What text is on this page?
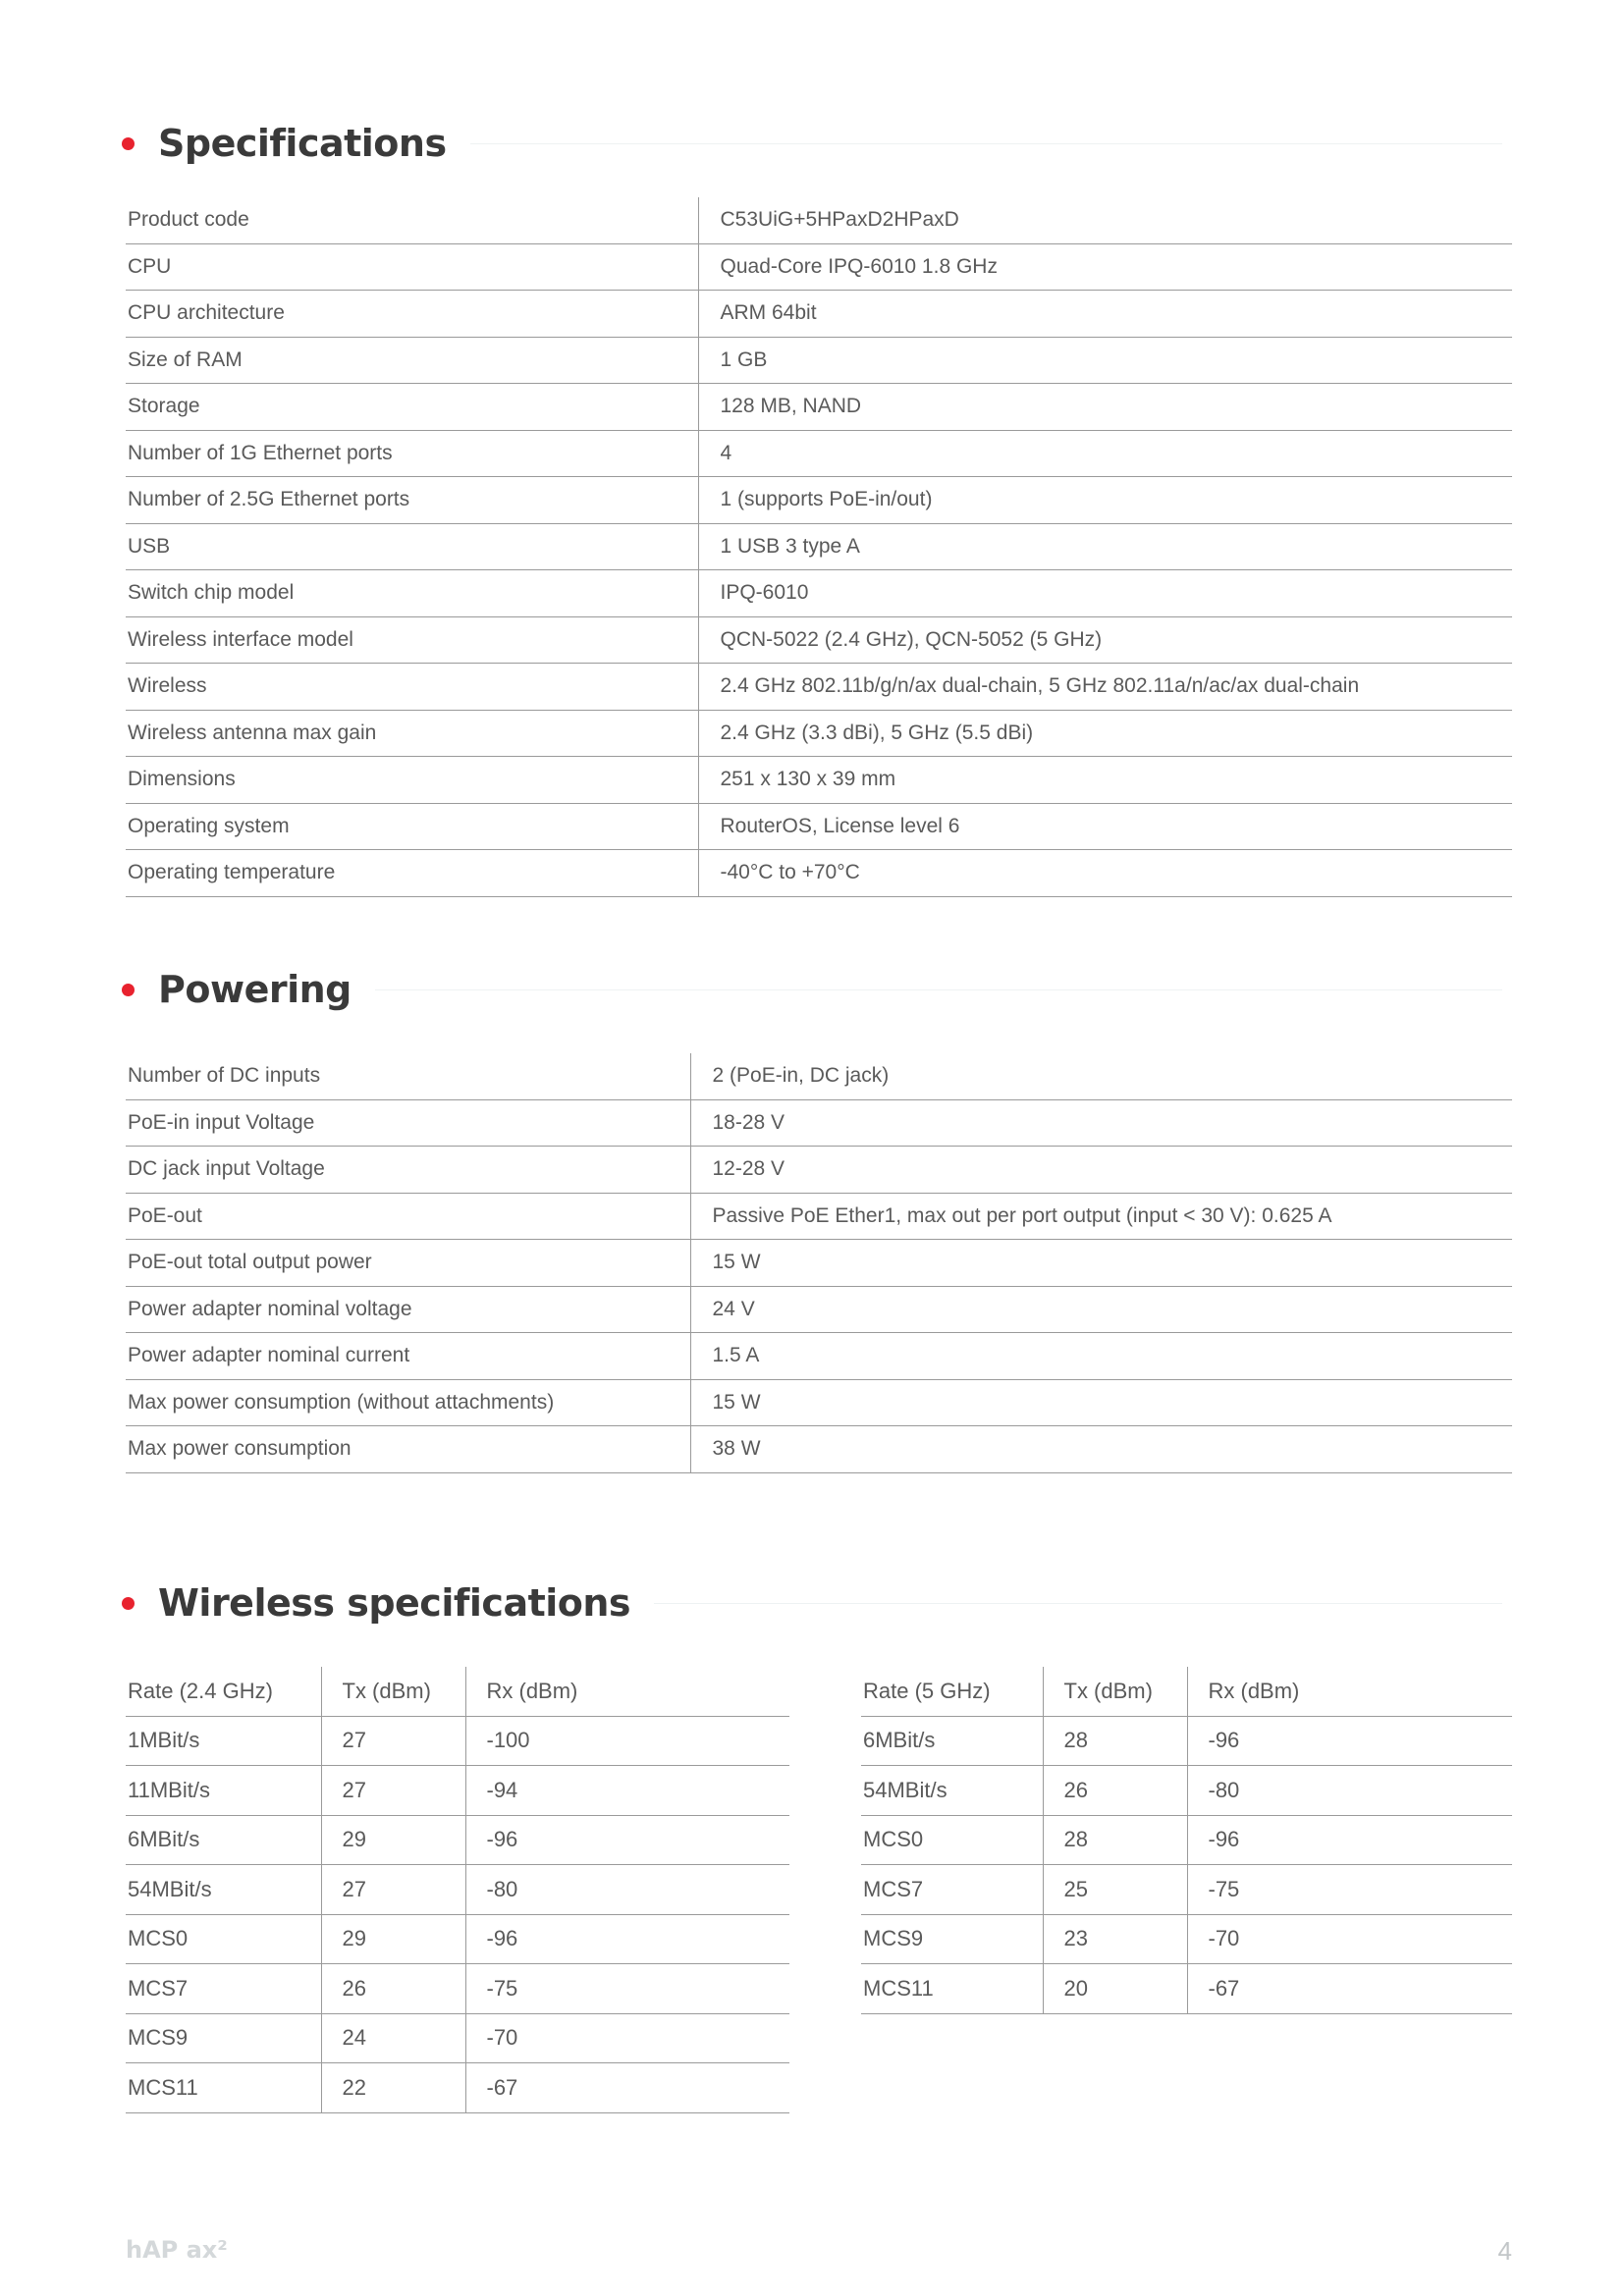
Specifications
Product code	C53UiG+5HPaxD2HPaxD
CPU	Quad-Core IPQ-6010 1.8 GHz
CPU architecture	ARM 64bit
Size of RAM	1 GB
Storage	128 MB, NAND
Number of 1G Ethernet ports	4
Number of 2.5G Ethernet ports	1 (supports PoE-in/out)
USB	1 USB 3 type A
Switch chip model	IPQ-6010
Wireless interface model	QCN-5022 (2.4 GHz), QCN-5052 (5 GHz)
Wireless	2.4 GHz 802.11b/g/n/ax dual-chain, 5 GHz 802.11a/n/ac/ax dual-chain
Wireless antenna max gain	2.4 GHz (3.3 dBi), 5 GHz (5.5 dBi)
Dimensions	251 x 130 x 39 mm
Operating system	RouterOS, License level 6
Operating temperature	-40°C to +70°C
Powering
Number of DC inputs	2 (PoE-in, DC jack)
PoE-in input Voltage	18-28 V
DC jack input Voltage	12-28 V
PoE-out	Passive PoE Ether1, max out per port output (input < 30 V): 0.625 A
PoE-out total output power	15 W
Power adapter nominal voltage	24 V
Power adapter nominal current	1.5 A
Max power consumption (without attachments)	15 W
Max power consumption	38 W
Wireless specifications
Rate (2.4 GHz)	Tx (dBm)	Rx (dBm)
1MBit/s	27	-100
11MBit/s	27	-94
6MBit/s	29	-96
54MBit/s	27	-80
MCS0	29	-96
MCS7	26	-75
MCS9	24	-70
MCS11	22	-67
Rate (5 GHz)	Tx (dBm)	Rx (dBm)
6MBit/s	28	-96
54MBit/s	26	-80
MCS0	28	-96
MCS7	25	-75
MCS9	23	-70
MCS11	20	-67
hAP ax²	4
